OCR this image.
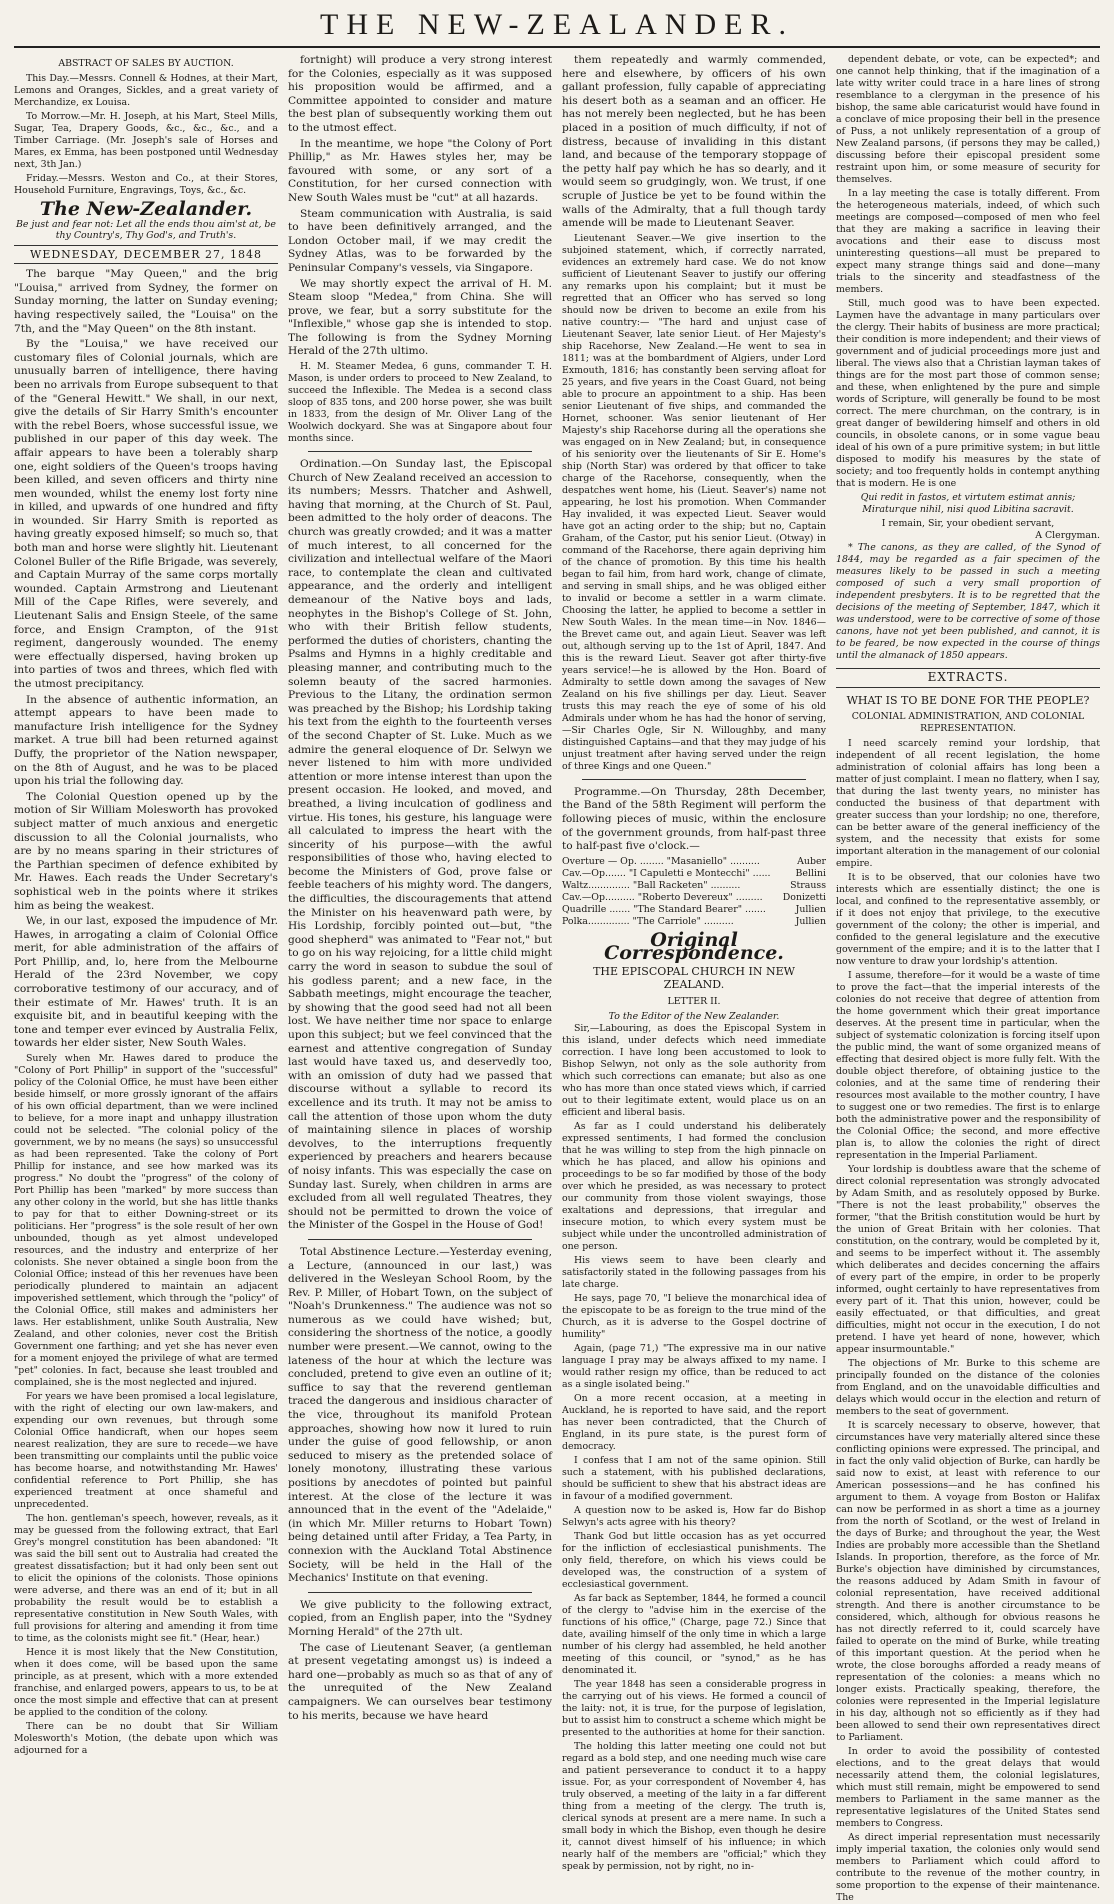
THE NEW-ZEALANDER.
ABSTRACT OF SALES BY AUCTION.

This Day.—Messrs. Connell & Hodnes, at their Mart, Lemons and Oranges, Sickles, and a great variety of Merchandize, ex Louisa.

To Morrow.—Mr. H. Joseph, at his Mart, Steel Mills, Sugar, Tea, Drapery Goods, &c., &c., &c., and a Timber Carriage. (Mr. Joseph's sale of Horses and Mares, ex Emma, has been postponed until Wednesday next, 3th Jan.)

Friday.—Messrs. Weston and Co., at their Stores, Household Furniture, Engravings, Toys, &c., &c.

The New-Zealander.
Be just and fear not: Let all the ends thou aim'st at, be thy Country's, Thy God's, and Truth's.
WEDNESDAY, DECEMBER 27, 1848

The barque "May Queen," and the brig "Louisa," arrived from Sydney, the former on Sunday morning, the latter on Sunday evening; having respectively sailed, the "Louisa" on the 7th, and the "May Queen" on the 8th instant.

By the "Louisa," we have received our customary files of Colonial journals, which are unusually barren of intelligence, there having been no arrivals from Europe subsequent to that of the "General Hewitt." We shall, in our next, give the details of Sir Harry Smith's encounter with the rebel Boers, whose successful issue, we published in our paper of this day week. The affair appears to have been a tolerably sharp one, eight soldiers of the Queen's troops having been killed, and seven officers and thirty nine men wounded, whilst the enemy lost forty nine in killed, and upwards of one hundred and fifty in wounded. Sir Harry Smith is reported as having greatly exposed himself; so much so, that both man and horse were slightly hit. Lieutenant Colonel Buller of the Rifle Brigade, was severely, and Captain Murray of the same corps mortally wounded. Captain Armstrong and Lieutenant Mill of the Cape Rifles, were severely, and Lieutenant Salis and Ensign Steele, of the same force, and Ensign Crampton, of the 91st regiment, dangerously wounded. The enemy were effectually dispersed, having broken up into parties of twos and threes, which fled with the utmost precipitancy.

In the absence of authentic information, an attempt appears to have been made to manufacture Irish intelligence for the Sydney market. A true bill had been returned against Duffy, the proprietor of the Nation newspaper, on the 8th of August, and he was to be placed upon his trial the following day.

The Colonial Question opened up by the motion of Sir William Molesworth has provoked subject matter of much anxious and energetic discussion to all the Colonial journalists, who are by no means sparing in their strictures of the Parthian specimen of defence exhibited by Mr. Hawes. Each reads the Under Secretary's sophistical web in the points where it strikes him as being the weakest.

We, in our last, exposed the impudence of Mr. Hawes, in arrogating a claim of Colonial Office merit, for able administration of the affairs of Port Phillip, and, lo, here from the Melbourne Herald of the 23rd November, we copy corroborative testimony of our accuracy, and of their estimate of Mr. Hawes' truth. It is an exquisite bit, and in beautiful keeping with the tone and temper ever evinced by Australia Felix, towards her elder sister, New South Wales.

Surely when Mr. Hawes dared to produce the "Colony of Port Phillip" in support of the "successful" policy of the Colonial Office, he must have been either beside himself, or more grossly ignorant of the affairs of his own official department, than we were inclined to believe, for a more inapt and unhappy illustration could not be selected. "The colonial policy of the government, we by no means (he says) so unsuccessful as had been represented. Take the colony of Port Phillip for instance, and see how marked was its progress." No doubt the "progress" of the colony of Port Phillip has been "marked" by more success than any other colony in the world, but she has little thanks to pay for that to either Downing-street or its politicians. Her "progress" is the sole result of her own unbounded, though as yet almost undeveloped resources, and the industry and enterprize of her colonists. She never obtained a single boon from the Colonial Office; instead of this her revenues have been periodically plundered to maintain an adjacent impoverished settlement, which through the "policy" of the Colonial Office, still makes and administers her laws. Her establishment, unlike South Australia, New Zealand, and other colonies, never cost the British Government one farthing; and yet she has never even for a moment enjoyed the privilege of what are termed "pet" colonies. In fact, because she least troubled and complained, she is the most neglected and injured.

For years we have been promised a local legislature, with the right of electing our own law-makers, and expending our own revenues, but through some Colonial Office handicraft, when our hopes seem nearest realization, they are sure to recede—we have been transmitting our complaints until the public voice has become hoarse, and notwithstanding Mr. Hawes' confidential reference to Port Phillip, she has experienced treatment at once shameful and unprecedented.

The hon. gentleman's speech, however, reveals, as it may be guessed from the following extract, that Earl Grey's mongrel constitution has been abandoned: "It was said the bill sent out to Australia had created the greatest dissatisfaction; but it had only been sent out to elicit the opinions of the colonists. Those opinions were adverse, and there was an end of it; but in all probability the result would be to establish a representative constitution in New South Wales, with full provisions for altering and amending it from time to time, as the colonists might see fit." (Hear, hear.)

Hence it is most likely that the New Constitution, when it does come, will be based upon the same principle, as at present, which with a more extended franchise, and enlarged powers, appears to us, to be at once the most simple and effective that can at present be applied to the condition of the colony.

There can be no doubt that Sir William Molesworth's Motion, (the debate upon which was adjourned for a

fortnight) will produce a very strong interest for the Colonies, especially as it was supposed his proposition would be affirmed, and a Committee appointed to consider and mature the best plan of subsequently working them out to the utmost effect.

In the meantime, we hope "the Colony of Port Phillip," as Mr. Hawes styles her, may be favoured with some, or any sort of a Constitution, for her cursed connection with New South Wales must be "cut" at all hazards.

Steam communication with Australia, is said to have been definitively arranged, and the London October mail, if we may credit the Sydney Atlas, was to be forwarded by the Peninsular Company's vessels, via Singapore.

We may shortly expect the arrival of H. M. Steam sloop "Medea," from China. She will prove, we fear, but a sorry substitute for the "Inflexible," whose gap she is intended to stop. The following is from the Sydney Morning Herald of the 27th ultimo.

H. M. Steamer Medea, 6 guns, commander T. H. Mason, is under orders to proceed to New Zealand, to succeed the Inflexible. The Medea is a second class sloop of 835 tons, and 200 horse power, she was built in 1833, from the design of Mr. Oliver Lang of the Woolwich dockyard. She was at Singapore about four months since.

Ordination.—On Sunday last, the Episcopal Church of New Zealand received an accession to its numbers; Messrs. Thatcher and Ashwell, having that morning, at the Church of St. Paul, been admitted to the holy order of deacons. The church was greatly crowded; and it was a matter of much interest, to all concerned for the civilization and intellectual welfare of the Maori race, to contemplate the clean and cultivated appearance, and the orderly and intelligent demeanour of the Native boys and lads, neophytes in the Bishop's College of St. John, who with their British fellow students, performed the duties of choristers, chanting the Psalms and Hymns in a highly creditable and pleasing manner, and contributing much to the solemn beauty of the sacred harmonies. Previous to the Litany, the ordination sermon was preached by the Bishop; his Lordship taking his text from the eighth to the fourteenth verses of the second Chapter of St. Luke. Much as we admire the general eloquence of Dr. Selwyn we never listened to him with more undivided attention or more intense interest than upon the present occasion. He looked, and moved, and breathed, a living inculcation of godliness and virtue. His tones, his gesture, his language were all calculated to impress the heart with the sincerity of his purpose—with the awful responsibilities of those who, having elected to become the Ministers of God, prove false or feeble teachers of his mighty word. The dangers, the difficulties, the discouragements that attend the Minister on his heavenward path were, by His Lordship, forcibly pointed out—but, "the good shepherd" was animated to "Fear not," but to go on his way rejoicing, for a little child might carry the word in season to subdue the soul of his godless parent; and a new face, in the Sabbath meetings, might encourage the teacher, by showing that the good seed had not all been lost. We have neither time nor space to enlarge upon this subject; but we feel convinced that the earnest and attentive congregation of Sunday last would have taxed us, and deservedly too, with an omission of duty had we passed that discourse without a syllable to record its excellence and its truth. It may not be amiss to call the attention of those upon whom the duty of maintaining silence in places of worship devolves, to the interruptions frequently experienced by preachers and hearers because of noisy infants. This was especially the case on Sunday last. Surely, when children in arms are excluded from all well regulated Theatres, they should not be permitted to drown the voice of the Minister of the Gospel in the House of God!

Total Abstinence Lecture.—Yesterday evening, a Lecture, (announced in our last,) was delivered in the Wesleyan School Room, by the Rev. P. Miller, of Hobart Town, on the subject of "Noah's Drunkenness." The audience was not so numerous as we could have wished; but, considering the shortness of the notice, a goodly number were present.—We cannot, owing to the lateness of the hour at which the lecture was concluded, pretend to give even an outline of it; suffice to say that the reverend gentleman traced the dangerous and insidious character of the vice, throughout its manifold Protean approaches, showing how now it lured to ruin under the guise of good fellowship, or anon seduced to misery as the pretended solace of lonely monotony, illustrating these various positions by anecdotes of pointed but painful interest. At the close of the lecture it was announced that in the event of the "Adelaide," (in which Mr. Miller returns to Hobart Town) being detained until after Friday, a Tea Party, in connexion with the Auckland Total Abstinence Society, will be held in the Hall of the Mechanics' Institute on that evening.

We give publicity to the following extract, copied, from an English paper, into the "Sydney Morning Herald" of the 27th ult.

The case of Lieutenant Seaver, (a gentleman at present vegetating amongst us) is indeed a hard one—probably as much so as that of any of the unrequited of the New Zealand campaigners. We can ourselves bear testimony to his merits, because we have heard

them repeatedly and warmly commended, here and elsewhere, by officers of his own gallant profession, fully capable of appreciating his desert both as a seaman and an officer. He has not merely been neglected, but he has been placed in a position of much difficulty, if not of distress, because of invaliding in this distant land, and because of the temporary stoppage of the petty half pay which he has so dearly, and it would seem so grudgingly, won. We trust, if one scruple of Justice be yet to be found within the walls of the Admiralty, that a full though tardy amende will be made to Lieutenant Seaver.

Lieutenant Seaver.—We give insertion to the subjoined statement, which, if correctly narrated, evidences an extremely hard case. We do not know sufficient of Lieutenant Seaver to justify our offering any remarks upon his complaint; but it must be regretted that an Officer who has served so long should now be driven to become an exile from his native country:— "The hard and unjust case of Lieutenant Seaver, late senior Lieut. of Her Majesty's ship Racehorse, New Zealand.—He went to sea in 1811; was at the bombardment of Algiers, under Lord Exmouth, 1816; has constantly been serving afloat for 25 years, and five years in the Coast Guard, not being able to procure an appointment to a ship. Has been senior Lieutenant of five ships, and commanded the Hornet, schooner. Was senior lieutenant of Her Majesty's ship Racehorse during all the operations she was engaged on in New Zealand; but, in consequence of his seniority over the lieutenants of Sir E. Home's ship (North Star) was ordered by that officer to take charge of the Racehorse, consequently, when the despatches went home, his (Lieut. Seaver's) name not appearing, he lost his promotion. When Commander Hay invalided, it was expected Lieut. Seaver would have got an acting order to the ship; but no, Captain Graham, of the Castor, put his senior Lieut. (Otway) in command of the Racehorse, there again depriving him of the chance of promotion. By this time his health began to fail him, from hard work, change of climate, and serving in small ships, and he was obliged either to invalid or become a settler in a warm climate. Choosing the latter, he applied to become a settler in New South Wales. In the mean time—in Nov. 1846—the Brevet came out, and again Lieut. Seaver was left out, although serving up to the 1st of April, 1847. And this is the reward Lieut. Seaver got after thirty-five years service!—he is allowed by the Hon. Board of Admiralty to settle down among the savages of New Zealand on his five shillings per day. Lieut. Seaver trusts this may reach the eye of some of his old Admirals under whom he has had the honor of serving,—Sir Charles Ogle, Sir N. Willoughby, and many distinguished Captains—and that they may judge of his unjust treatment after having served under the reign of three Kings and one Queen."

Programme.—On Thursday, 28th December, the Band of the 58th Regiment will perform the following pieces of music, within the enclosure of the government grounds, from half-past three to half-past five o'clock.—

Overture — Op. ........ "Masaniello" ..........	Auber
Cav.—Op....... "I Capuletti e Montecchi" ......	Bellini
Waltz.............. "Ball Racketen" ..........	Strauss
Cav.—Op.......... "Roberto Devereux" ......... Donizetti
Quadrille ....... "The Standard Bearer" .......	Jullien
Polka.............. "The Carriole" ..........	Jullien
Original Correspondence.
THE EPISCOPAL CHURCH IN NEW ZEALAND.
LETTER II.
To the Editor of the New Zealander.

Sir,—Labouring, as does the Episcopal System in this island, under defects which need immediate correction. I have long been accustomed to look to Bishop Selwyn, not only as the sole authority from which such corrections can emanate; but also as one who has more than once stated views which, if carried out to their legitimate extent, would place us on an efficient and liberal basis.

As far as I could understand his deliberately expressed sentiments, I had formed the conclusion that he was willing to step from the high pinnacle on which he has placed, and allow his opinions and proceedings to be so far modified by those of the body over which he presided, as was necessary to protect our community from those violent swayings, those exaltations and depressions, that irregular and insecure motion, to which every system must be subject while under the uncontrolled administration of one person.

His views seem to have been clearly and satisfactorily stated in the following passages from his late charge.

He says, page 70, "I believe the monarchical idea of the episcopate to be as foreign to the true mind of the Church, as it is adverse to the Gospel doctrine of humility"

Again, (page 71,) "The expressive ma in our native language I pray may be always affixed to my name. I would rather resign my office, than be reduced to act as a single isolated being."

On a more recent occasion, at a meeting in Auckland, he is reported to have said, and the report has never been contradicted, that the Church of England, in its pure state, is the purest form of democracy.

I confess that I am not of the same opinion. Still such a statement, with his published declarations, should be sufficient to shew that his abstract ideas are in favour of a modified government.

A question now to be asked is, How far do Bishop Selwyn's acts agree with his theory?

Thank God but little occasion has as yet occurred for the infliction of ecclesiastical punishments. The only field, therefore, on which his views could be developed was, the construction of a system of ecclesiastical government.

As far back as September, 1844, he formed a council of the clergy to "advise him in the exercise of the functions of his office," (Charge, page 72.) Since that date, availing himself of the only time in which a large number of his clergy had assembled, he held another meeting of this council, or "synod," as he has denominated it.

The year 1848 has seen a considerable progress in the carrying out of his views. He formed a council of the laity: not, it is true, for the purpose of legislation, but to assist him to construct a scheme which might be presented to the authorities at home for their sanction.

The holding this latter meeting one could not but regard as a bold step, and one needing much wise care and patient perseverance to conduct it to a happy issue. For, as your correspondent of November 4, has truly observed, a meeting of the laity in a far different thing from a meeting of the clergy. The truth is, clerical synods at present are a mere name. In such a small body in which the Bishop, even though he desire it, cannot divest himself of his influence; in which nearly half of the members are "official;" which they speak by permission, not by right, no in-

dependent debate, or vote, can be expected*; and one cannot help thinking, that if the imagination of a late witty writer could trace in a hare lines of strong resemblance to a clergyman in the presence of his bishop, the same able caricaturist would have found in a conclave of mice proposing their bell in the presence of Puss, a not unlikely representation of a group of New Zealand parsons, (if persons they may be called,) discussing before their episcopal president some restraint upon him, or some measure of security for themselves.

In a lay meeting the case is totally different. From the heterogeneous materials, indeed, of which such meetings are composed—composed of men who feel that they are making a sacrifice in leaving their avocations and their ease to discuss most uninteresting questions—all must be prepared to expect many strange things said and done—many trials to the sincerity and steadfastness of the members.

Still, much good was to have been expected. Laymen have the advantage in many particulars over the clergy. Their habits of business are more practical; their condition is more independent; and their views of government and of judicial proceedings more just and liberal. The views also that a Christian layman takes of things are for the most part those of common sense; and these, when enlightened by the pure and simple words of Scripture, will generally be found to be most correct. The mere churchman, on the contrary, is in great danger of bewildering himself and others in old councils, in obsolete canons, or in some vague beau ideal of his own of a pure primitive system; in but little disposed to modify his measures by the state of society; and too frequently holds in contempt anything that is modern. He is one

Qui redit in fastos, et virtutem estimat annis; Miraturque nihil, nisi quod Libitina sacravit.

I remain, Sir, your obedient servant,
A Clergyman.

* The canons, as they are called, of the Synod of 1844, may be regarded as a fair specimen of the measures likely to be passed in such a meeting composed of such a very small proportion of independent presbyters. It is to be regretted that the decisions of the meeting of September, 1847, which it was understood, were to be corrective of some of those canons, have not yet been published, and cannot, it is to be feared, be now expected in the course of things until the almanack of 1850 appears.

EXTRACTS.
WHAT IS TO BE DONE FOR THE PEOPLE?
COLONIAL ADMINISTRATION, AND COLONIAL REPRESENTATION.

I need scarcely remind your lordship, that independent of all recent legislation, the home administration of colonial affairs has long been a matter of just complaint. I mean no flattery, when I say, that during the last twenty years, no minister has conducted the business of that department with greater success than your lordship; no one, therefore, can be better aware of the general inefficiency of the system, and the necessity that exists for some important alteration in the management of our colonial empire.

It is to be observed, that our colonies have two interests which are essentially distinct; the one is local, and confined to the representative assembly, or if it does not enjoy that privilege, to the executive government of the colony; the other is imperial, and confided to the general legislature and the executive government of the empire; and it is to the latter that I now venture to draw your lordship's attention.

I assume, therefore—for it would be a waste of time to prove the fact—that the imperial interests of the colonies do not receive that degree of attention from the home government which their great importance deserves. At the present time in particular, when the subject of systematic colonization is forcing itself upon the public mind, the want of some organized means of effecting that desired object is more fully felt. With the double object therefore, of obtaining justice to the colonies, and at the same time of rendering their resources most available to the mother country, I have to suggest one or two remedies. The first is to enlarge both the administrative power and the responsibility of the Colonial Office; the second, and more effective plan is, to allow the colonies the right of direct representation in the Imperial Parliament.

Your lordship is doubtless aware that the scheme of direct colonial representation was strongly advocated by Adam Smith, and as resolutely opposed by Burke. "There is not the least probability," observes the former, "that the British constitution would be hurt by the union of Great Britain with her colonies. That constitution, on the contrary, would be completed by it, and seems to be imperfect without it. The assembly which deliberates and decides concerning the affairs of every part of the empire, in order to be properly informed, ought certainly to have representatives from every part of it. That this union, however, could be easily effectuated, or that difficulties, and great difficulties, might not occur in the execution, I do not pretend. I have yet heard of none, however, which appear insurmountable."

The objections of Mr. Burke to this scheme are principally founded on the distance of the colonies from England, and on the unavoidable difficulties and delays which would occur in the election and return of members to the seat of government.

It is scarcely necessary to observe, however, that circumstances have very materially altered since these conflicting opinions were expressed. The principal, and in fact the only valid objection of Burke, can hardly be said now to exist, at least with reference to our American possessions—and he has confined his argument to them. A voyage from Boston or Halifax can now be performed in as short a time as a journey from the north of Scotland, or the west of Ireland in the days of Burke; and throughout the year, the West Indies are probably more accessible than the Shetland Islands. In proportion, therefore, as the force of Mr. Burke's objection have diminished by circumstances, the reasons adduced by Adam Smith in favour of colonial representation, have received additional strength. And there is another circumstance to be considered, which, although for obvious reasons he has not directly referred to it, could scarcely have failed to operate on the mind of Burke, while treating of this important question. At the period when he wrote, the close boroughs afforded a ready means of representation of the colonies: a means which no longer exists. Practically speaking, therefore, the colonies were represented in the Imperial legislature in his day, although not so efficiently as if they had been allowed to send their own representatives direct to Parliament.

In order to avoid the possibility of contested elections, and to the great delays that would necessarily attend them, the colonial legislatures, which must still remain, might be empowered to send members to Parliament in the same manner as the representative legislatures of the United States send members to Congress.

As direct imperial representation must necessarily imply imperial taxation, the colonies only would send members to Parliament which could afford to contribute to the revenue of the mother country, in some proportion to the expense of their maintenance. The
